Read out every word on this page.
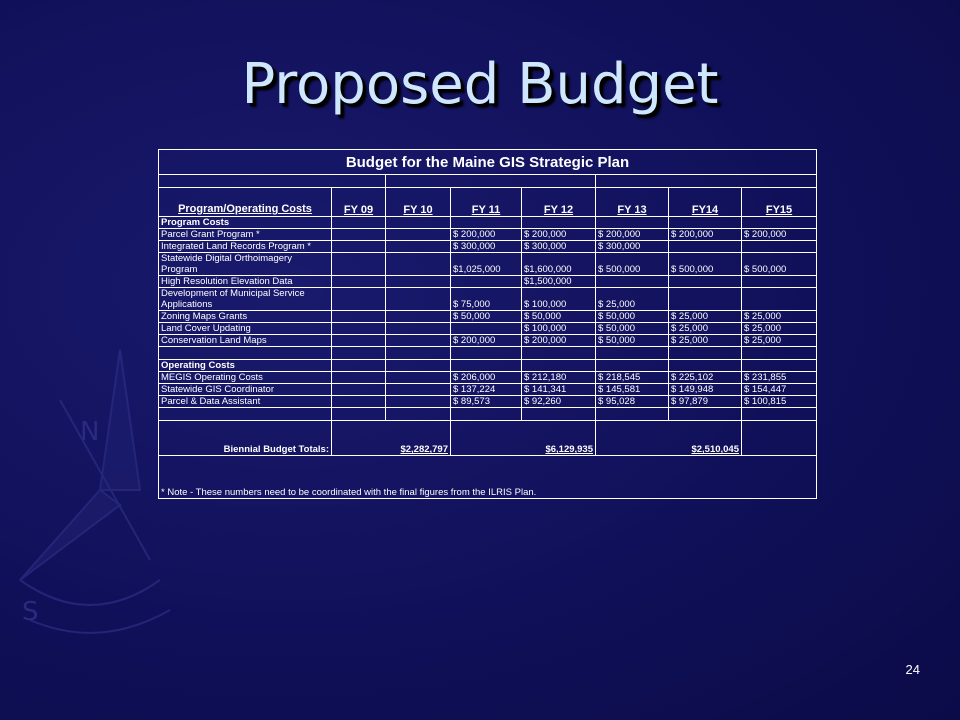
N
S
Proposed Budget
Budget for the Maine GIS Strategic Plan							

Program/Operating Costs	FY 09	FY 10	FY 11	FY 12	FY 13	FY14	FY15
Program Costs							
Parcel Grant Program *			$ 200,000	$ 200,000	$ 200,000	$ 200,000	$ 200,000
Integrated Land Records Program *			$ 300,000	$ 300,000	$ 300,000		
Statewide Digital Orthoimagery Program			$1,025,000	$1,600,000	$ 500,000	$ 500,000	$ 500,000
High Resolution Elevation Data				$1,500,000			
Development of Municipal Service Applications			$ 75,000	$ 100,000	$ 25,000		
Zoning Maps Grants			$ 50,000	$ 50,000	$ 50,000	$ 25,000	$ 25,000
Land Cover Updating				$ 100,000	$ 50,000	$ 25,000	$ 25,000
Conservation Land Maps			$ 200,000	$ 200,000	$ 50,000	$ 25,000	$ 25,000

Operating Costs							
MEGIS Operating Costs			$ 206,000	$ 212,180	$ 218,545	$ 225,102	$ 231,855
Statewide GIS Coordinator			$ 137,224	$ 141,341	$ 145,581	$ 149,948	$ 154,447
Parcel & Data Assistant			$ 89,573	$ 92,260	$ 95,028	$ 97,879	$ 100,815

Biennial Budget Totals:	$2,282,797		$6,129,935		$2,510,045		
* Note - These numbers need to be coordinated with the final figures from the ILRIS Plan.							
24
